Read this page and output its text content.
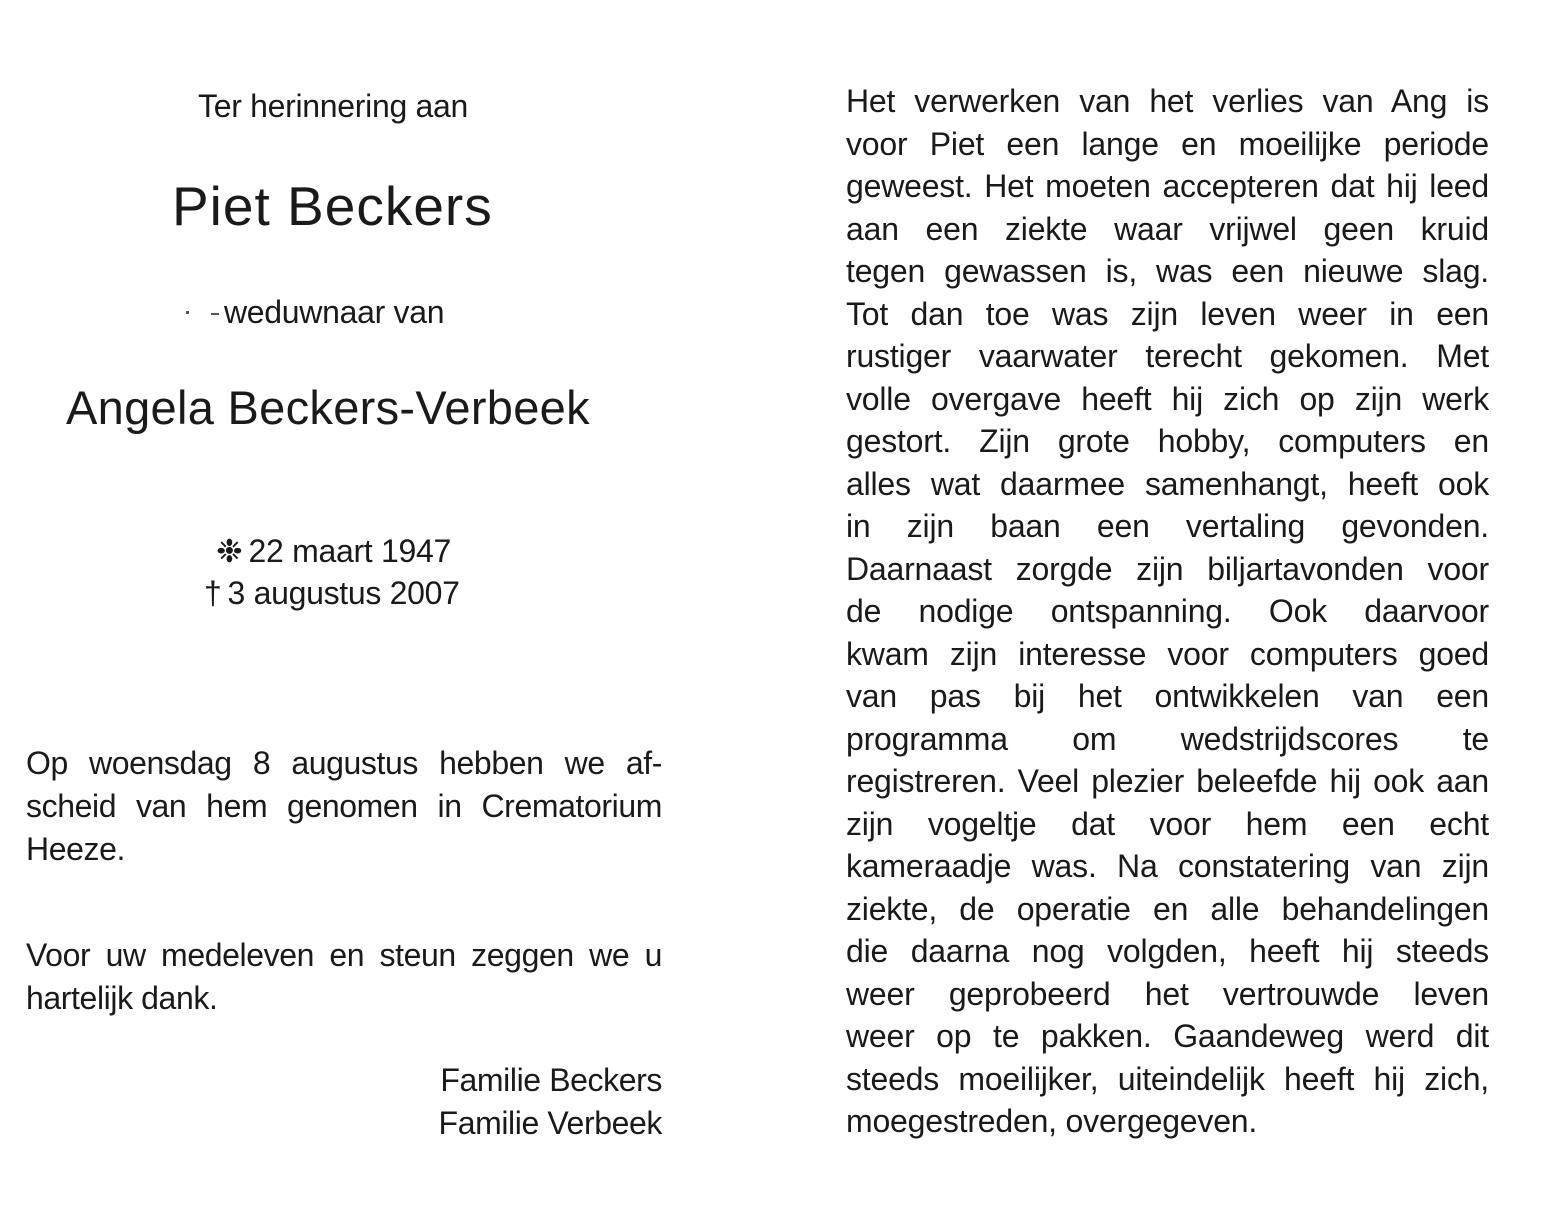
Ter herinnering aan
Piet Beckers
weduwnaar van
Angela Beckers-Verbeek
❉ 22 maart 1947
† 3 augustus 2007
Op woensdag 8 augustus hebben we af-
scheid van hem genomen in Crematorium
Heeze.
Voor uw medeleven en steun zeggen we u
hartelijk dank.
Familie Beckers
Familie Verbeek
Het verwerken van het verlies van Ang is
voor Piet een lange en moeilijke periode
geweest. Het moeten accepteren dat hij leed
aan een ziekte waar vrijwel geen kruid
tegen gewassen is, was een nieuwe slag.
Tot dan toe was zijn leven weer in een
rustiger vaarwater terecht gekomen. Met
volle overgave heeft hij zich op zijn werk
gestort. Zijn grote hobby, computers en
alles wat daarmee samenhangt, heeft ook
in zijn baan een vertaling gevonden.
Daarnaast zorgde zijn biljartavonden voor
de nodige ontspanning. Ook daarvoor
kwam zijn interesse voor computers goed
van pas bij het ontwikkelen van een
programma om wedstrijdscores te
registreren. Veel plezier beleefde hij ook aan
zijn vogeltje dat voor hem een echt
kameraadje was. Na constatering van zijn
ziekte, de operatie en alle behandelingen
die daarna nog volgden, heeft hij steeds
weer geprobeerd het vertrouwde leven
weer op te pakken. Gaandeweg werd dit
steeds moeilijker, uiteindelijk heeft hij zich,
moegestreden, overgegeven.
